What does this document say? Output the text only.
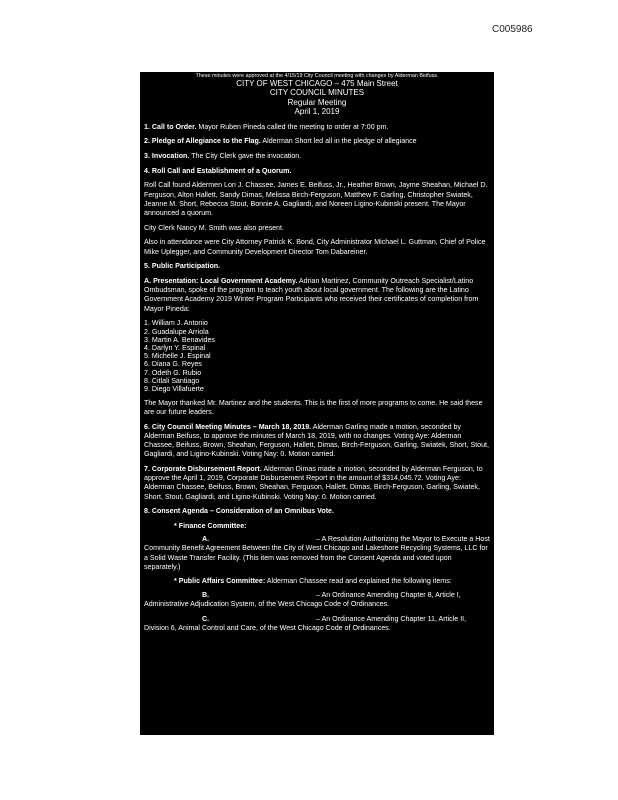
C005986
These minutes were approved at the 4/15/19 City Council meeting with changes by Alderman Beifuss.
CITY OF WEST CHICAGO – 475 Main Street
CITY COUNCIL MINUTES
Regular Meeting
April 1, 2019

1. Call to Order. Mayor Ruben Pineda called the meeting to order at 7:00 pm.

2. Pledge of Allegiance to the Flag. Alderman Short led all in the pledge of allegiance

3. Invocation. The City Clerk gave the invocation.

4. Roll Call and Establishment of a Quorum.

Roll Call found Aldermen Lori J. Chassee, James E. Beifuss, Jr., Heather Brown, Jayme Sheahan, Michael D. Ferguson, Alton Hallett, Sandy Dimas, Melissa Birch-Ferguson, Matthew F. Garling, Christopher Swiatek, Jeanne M. Short, Rebecca Stout, Bonnie A. Gagliardi, and Noreen Ligino-Kubinski present. The Mayor announced a quorum.

City Clerk Nancy M. Smith was also present.

Also in attendance were City Attorney Patrick K. Bond, City Administrator Michael L. Guttman, Chief of Police Mike Uplegger, and Community Development Director Tom Dabareiner.

5. Public Participation.

A. Presentation: Local Government Academy. Adrian Martinez, Community Outreach Specialist/Latino Ombudsman, spoke of the program to teach youth about local government. The following are the Latino Government Academy 2019 Winter Program Participants who received their certificates of completion from Mayor Pineda:

1. William J. Antonio
2. Guadalupe Arriola
3. Martin A. Benavides
4. Darlyn Y. Espinal
5. Michelle J. Espinal
6. Diana G. Reyes
7. Odeth G. Rubio
8. Citlali Santiago
9. Diego Villafuerte

The Mayor thanked Mr. Martinez and the students. This is the first of more programs to come. He said these are our future leaders.

6. City Council Meeting Minutes – March 18, 2019. Alderman Garling made a motion, seconded by Alderman Beifuss, to approve the minutes of March 18, 2019, with no changes. Voting Aye: Alderman Chassee, Beifuss, Brown, Sheahan, Ferguson, Hallett, Dimas, Birch-Ferguson, Garling, Swiatek, Short, Stout, Gagliardi, and Ligino-Kubinski. Voting Nay: 0. Motion carried.

7. Corporate Disbursement Report. Alderman Dimas made a motion, seconded by Alderman Ferguson, to approve the April 1, 2019, Corporate Disbursement Report in the amount of $314,045.72. Voting Aye: Alderman Chassee, Beifuss, Brown, Sheahan, Ferguson, Hallett, Dimas, Birch-Ferguson, Garling, Swiatek, Short, Stout, Gagliardi, and Ligino-Kubinski. Voting Nay: 0. Motion carried.

8. Consent Agenda – Consideration of an Omnibus Vote.

* Finance Committee:

A.	– A Resolution Authorizing the Mayor to Execute a Host Community Benefit Agreement Between the City of West Chicago and Lakeshore Recycling Systems, LLC for a Solid Waste Transfer Facility. (This item was removed from the Consent Agenda and voted upon separately.)

* Public Affairs Committee: Alderman Chassee read and explained the following items:

B.	– An Ordinance Amending Chapter 8, Article I, Administrative Adjudication System, of the West Chicago Code of Ordinances.

C.	– An Ordinance Amending Chapter 11, Article II, Division 6, Animal Control and Care, of the West Chicago Code of Ordinances.
